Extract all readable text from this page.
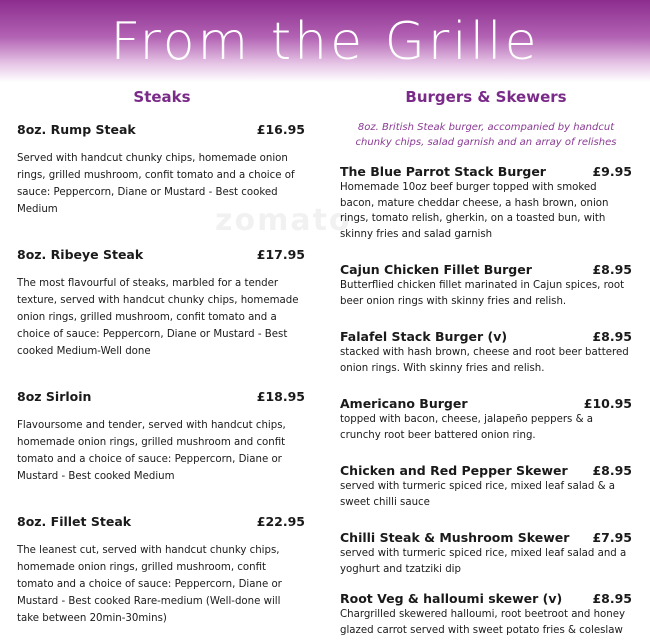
From the Grille
zomato
Steaks
8oz. Rump Steak	£16.95
Served with handcut chunky chips, homemade onion rings, grilled mushroom, confit tomato and a choice of sauce: Peppercorn, Diane or Mustard - Best cooked Medium
8oz. Ribeye Steak	£17.95
The most flavourful of steaks, marbled for a tender texture, served with handcut chunky chips, homemade onion rings, grilled mushroom, confit tomato and a choice of sauce: Peppercorn, Diane or Mustard - Best cooked Medium-Well done
8oz Sirloin	£18.95
Flavoursome and tender, served with handcut chips, homemade onion rings, grilled mushroom and confit tomato and a choice of sauce: Peppercorn, Diane or Mustard - Best cooked Medium
8oz. Fillet Steak	£22.95
The leanest cut, served with handcut chunky chips, homemade onion rings, grilled mushroom, confit tomato and a choice of sauce: Peppercorn, Diane or Mustard - Best cooked Rare-medium (Well-done will take between 20min-30mins)
Burgers & Skewers
8oz. British Steak burger, accompanied by handcut chunky chips, salad garnish and an array of relishes
The Blue Parrot Stack Burger	£9.95
Homemade 10oz beef burger topped with smoked bacon, mature cheddar cheese, a hash brown, onion rings, tomato relish, gherkin, on a toasted bun, with skinny fries and salad garnish
Cajun Chicken Fillet Burger	£8.95
Butterflied chicken fillet marinated in Cajun spices, root beer onion rings with skinny fries and relish.
Falafel Stack Burger (v)	£8.95
stacked with hash brown, cheese and root beer battered onion rings. With skinny fries and relish.
Americano Burger	£10.95
topped with bacon, cheese, jalapeño peppers & a crunchy root beer battered onion ring.
Chicken and Red Pepper Skewer £8.95
served with turmeric spiced rice, mixed leaf salad & a sweet chilli sauce
Chilli Steak & Mushroom Skewer £7.95
served with turmeric spiced rice, mixed leaf salad and a yoghurt and tzatziki dip
Root Veg & halloumi skewer (v) £8.95
Chargrilled skewered halloumi, root beetroot and honey glazed carrot served with sweet potato fries & coleslaw
